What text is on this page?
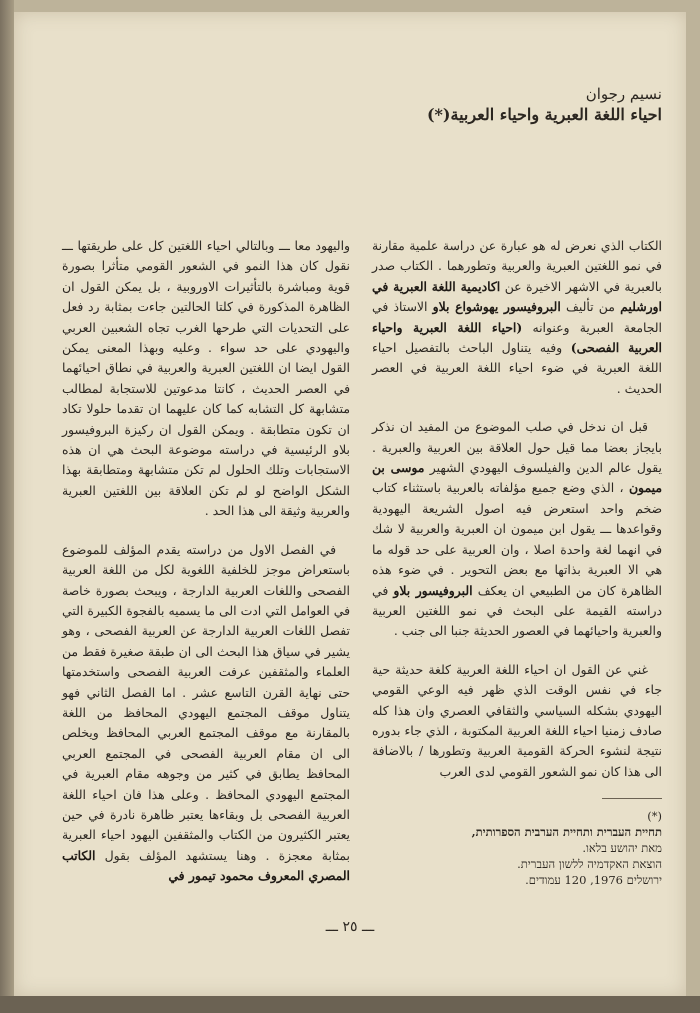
نسيم رجوان
احياء اللغة العبرية واحياء العربية(*)

الكتاب الذي نعرض له هو عبارة عن دراسة علمية مقارنة في نمو اللغتين العبرية والعربية وتطورهما . الكتاب صدر بالعبرية في الاشهر الاخيرة عن اكاديمية اللغة العبرية في اورشليم من تأليف البروفيسور يهوشواع بلاو الاستاذ في الجامعة العبرية وعنوانه (احياء اللغة العبرية واحياء العربية الفصحى) وفيه يتناول الباحث بالتفصيل احياء اللغة العبرية في ضوء احياء اللغة العربية في العصر الحديث .

قبل ان ندخل في صلب الموضوع من المفيد ان نذكر بايجاز بعضا مما قيل حول العلاقة بين العربية والعبرية . يقول عالم الدين والفيلسوف اليهودي الشهير موسى بن ميمون ، الذي وضع جميع مؤلفاته بالعربية باستثناء كتاب ضخم واحد استعرض فيه اصول الشريعة اليهودية وقواعدها ـــ يقول ابن ميمون ان العبرية والعربية لا شك في انهما لغة واحدة اصلا ، وان العربية على حد قوله ما هي الا العبرية بذاتها مع بعض التحوير . في ضوء هذه الظاهرة كان من الطبيعي ان يعكف البروفيسور بلاو في دراسته القيمة على البحث في نمو اللغتين العربية والعبرية واحيائهما في العصور الحديثة جنبا الى جنب .

غني عن القول ان احياء اللغة العربية كلغة حديثة حية جاء في نفس الوقت الذي ظهر فيه الوعي القومي اليهودي بشكله السياسي والثقافي العصري وان هذا كله صادف زمنيا احياء اللغة العربية المكتوبة ، الذي جاء بدوره نتيجة لنشوء الحركة القومية العربية وتطورها / بالاضافة الى هذا كان نمو الشعور القومي لدى العرب

واليهود معا ـــ وبالتالي احياء اللغتين كل على طريقتها ـــ نقول كان هذا النمو في الشعور القومي متأثرا بصورة قوية ومباشرة بالتأثيرات الاوروبية ، بل يمكن القول ان الظاهرة المذكورة في كلتا الحالتين جاءت بمثابة رد فعل على التحديات التي طرحها الغرب تجاه الشعبين العربي واليهودي على حد سواء . وعليه وبهذا المعنى يمكن القول ايضا ان اللغتين العبرية والعربية في نطاق احيائهما في العصر الحديث ، كانتا مدعوتين للاستجابة لمطالب متشابهة كل التشابه كما كان عليهما ان تقدما حلولا تكاد ان تكون متطابقة . ويمكن القول ان ركيزة البروفيسور بلاو الرئيسية في دراسته موضوعة البحث هي ان هذه الاستجابات وتلك الحلول لم تكن متشابهة ومتطابقة بهذا الشكل الواضح لو لم تكن العلاقة بين اللغتين العبرية والعربية وثيقة الى هذا الحد .

في الفصل الاول من دراسته يقدم المؤلف للموضوع باستعراض موجز للخلفية اللغوية لكل من اللغة العربية الفصحى واللغات العربية الدارجة ، ويبحث بصورة خاصة في العوامل التي ادت الى ما يسميه بالفجوة الكبيرة التي تفصل اللغات العربية الدارجة عن العربية الفصحى ، وهو يشير في سياق هذا البحث الى ان طبقة صغيرة فقط من العلماء والمثقفين عرفت العربية الفصحى واستخدمتها حتى نهاية القرن التاسع عشر . اما الفصل الثاني فهو يتناول موقف المجتمع اليهودي المحافظ من اللغة بالمقارنة مع موقف المجتمع العربي المحافظ ويخلص الى ان مقام العربية الفصحى في المجتمع العربي المحافظ يطابق في كثير من وجوهه مقام العبرية في المجتمع اليهودي المحافظ . وعلى هذا فان احياء اللغة العربية الفصحى بل وبقاءها يعتبر ظاهرة نادرة في حين يعتبر الكثيرون من الكتاب والمثقفين اليهود احياء العبرية بمثابة معجزة . وهنا يستشهد المؤلف بقول الكاتب المصري المعروف محمود تيمور في

(*)
תחיית העברית ותחיית הערבית הספרותית,
מאת יהושע בלאו.
הוצאת האקדמיה ללשון העברית.
ירושלים 1976, 120 עמודים.
ـــ ٢٥ ـــ
